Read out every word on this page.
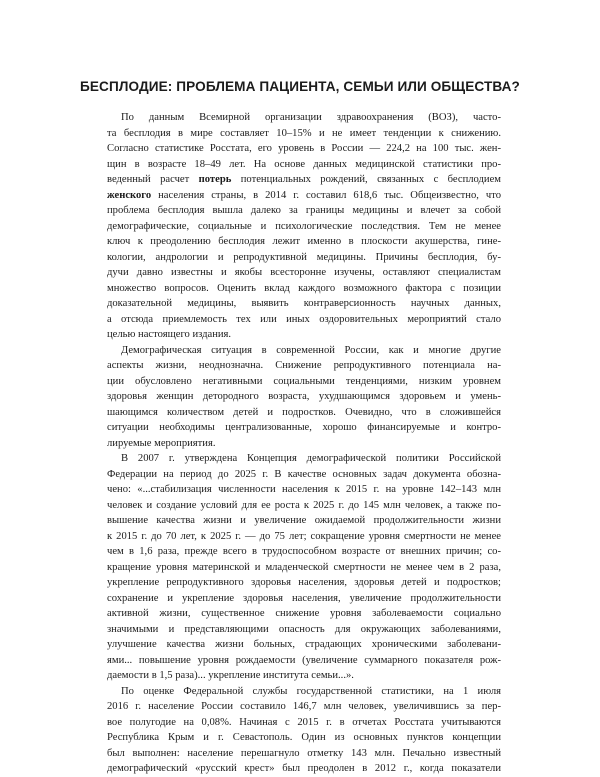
БЕСПЛОДИЕ: ПРОБЛЕМА ПАЦИЕНТА, СЕМЬИ ИЛИ ОБЩЕСТВА?
По данным Всемирной организации здравоохранения (ВОЗ), часто-
та бесплодия в мире составляет 10–15% и не имеет тенденции к снижению.
Согласно статистике Росстата, его уровень в России — 224,2 на 100 тыс. жен-
щин в возрасте 18–49 лет. На основе данных медицинской статистики про-
веденный расчет потерь потенциальных рождений, связанных с бесплодием
женского населения страны, в 2014 г. составил 618,6 тыс. Общеизвестно, что
проблема бесплодия вышла далеко за границы медицины и влечет за собой
демографические, социальные и психологические последствия. Тем не менее
ключ к преодолению бесплодия лежит именно в плоскости акушерства, гине-
кологии, андрологии и репродуктивной медицины. Причины бесплодия, бу-
дучи давно известны и якобы всесторонне изучены, оставляют специалистам
множество вопросов. Оценить вклад каждого возможного фактора с позиции
доказательной медицины, выявить контраверсионность научных данных,
а отсюда приемлемость тех или иных оздоровительных мероприятий стало
целью настоящего издания.
Демографическая ситуация в современной России, как и многие другие
аспекты жизни, неоднозначна. Снижение репродуктивного потенциала на-
ции обусловлено негативными социальными тенденциями, низким уровнем
здоровья женщин детородного возраста, ухудшающимся здоровьем и умень-
шающимся количеством детей и подростков. Очевидно, что в сложившейся
ситуации необходимы централизованные, хорошо финансируемые и контро-
лируемые мероприятия.
В 2007 г. утверждена Концепция демографической политики Российской
Федерации на период до 2025 г. В качестве основных задач документа обозна-
чено: «...стабилизация численности населения к 2015 г. на уровне 142–143 млн
человек и создание условий для ее роста к 2025 г. до 145 млн человек, а также по-
вышение качества жизни и увеличение ожидаемой продолжительности жизни
к 2015 г. до 70 лет, к 2025 г. — до 75 лет; сокращение уровня смертности не менее
чем в 1,6 раза, прежде всего в трудоспособном возрасте от внешних причин; со-
кращение уровня материнской и младенческой смертности не менее чем в 2 раза,
укрепление репродуктивного здоровья населения, здоровья детей и подростков;
сохранение и укрепление здоровья населения, увеличение продолжительности
активной жизни, существенное снижение уровня заболеваемости социально
значимыми и представляющими опасность для окружающих заболеваниями,
улучшение качества жизни больных, страдающих хроническими заболевани-
ями... повышение уровня рождаемости (увеличение суммарного показателя рож-
даемости в 1,5 раза)... укрепление института семьи...».
По оценке Федеральной службы государственной статистики, на 1 июля
2016 г. население России составило 146,7 млн человек, увеличившись за пер-
вое полугодие на 0,08%. Начиная с 2015 г. в отчетах Росстата учитываются
Республика Крым и г. Севастополь. Один из основных пунктов концепции
был выполнен: население перешагнуло отметку 143 млн. Печально известный
демографический «русский крест» был преодолен в 2012 г., когда показатели
